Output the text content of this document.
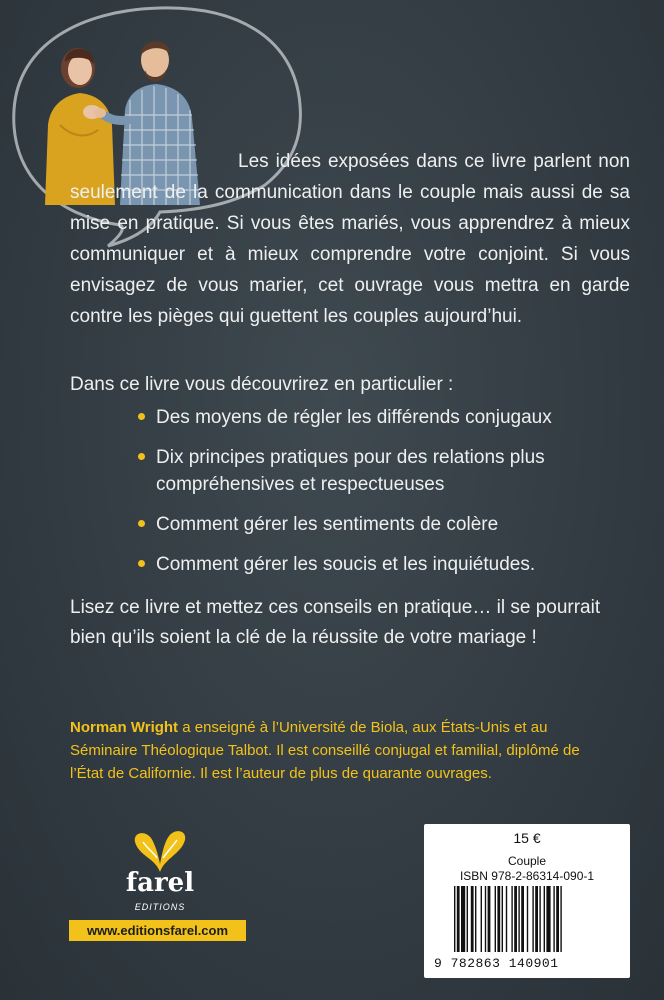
Les idées exposées dans ce livre parlent non seulement de la communication dans le couple mais aussi de sa mise en pratique. Si vous êtes mariés, vous apprendrez à mieux communiquer et à mieux comprendre votre conjoint. Si vous envisagez de vous marier, cet ouvrage vous mettra en garde contre les pièges qui guettent les couples aujourd’hui.

Dans ce livre vous découvrirez en particulier :

Des moyens de régler les différends conjugaux
Dix principes pratiques pour des relations plus compréhensives et respectueuses
Comment gérer les sentiments de colère
Comment gérer les soucis et les inquiétudes.

Lisez ce livre et mettez ces conseils en pratique… il se pourrait bien qu’ils soient la clé de la réussite de votre mariage !

Norman Wright a enseigné à l’Université de Biola, aux États-Unis et au Séminaire Théologique Talbot. Il est conseillé conjugal et familial, diplômé de l’État de Californie. Il est l’auteur de plus de quarante ouvrages.

farel
EDITIONS
www.editionsfarel.com
15 €
Couple
ISBN 978-2-86314-090-1
9 782863 140901
